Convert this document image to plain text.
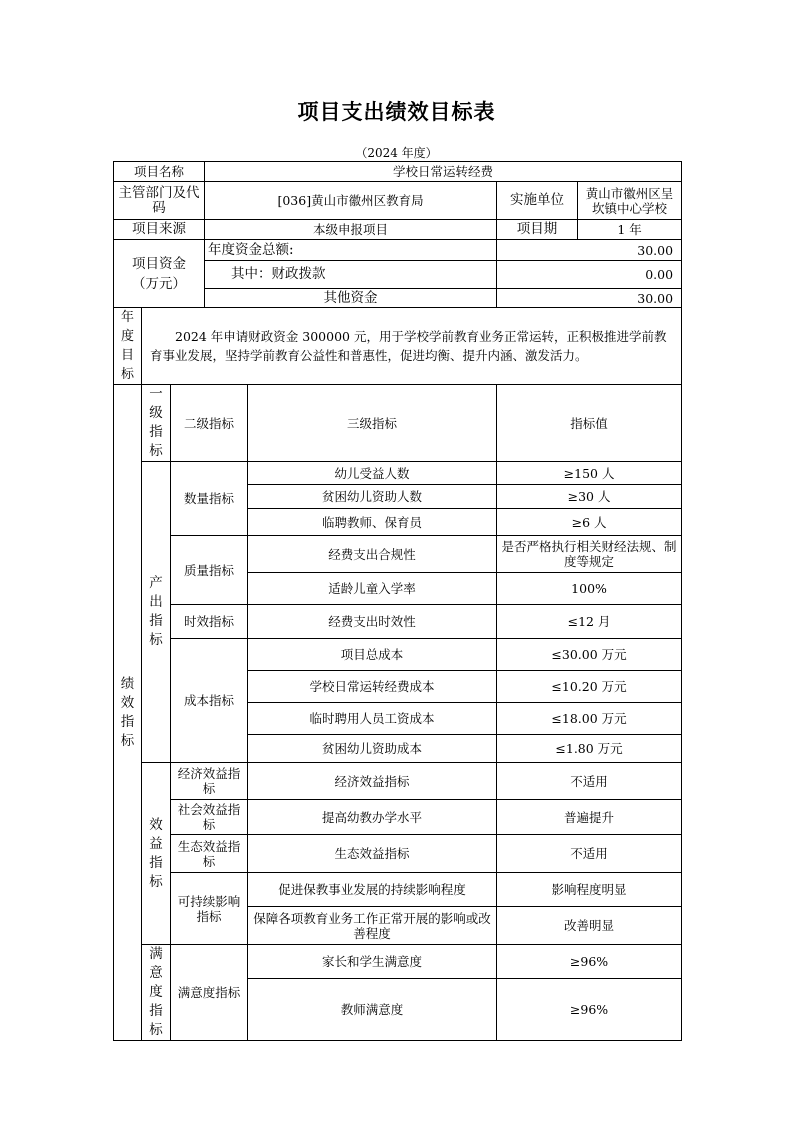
项目支出绩效目标表
（2024 年度）
项目名称			学校日常运转经费			
主管部门及代码			[036]黄山市徽州区教育局		实施单位	黄山市徽州区呈坎镇中心学校
项目来源			本级申报项目		项目期	1 年
项目资金（万元）			年度资金总额:		30.00	
			其中：财政拨款		0.00	
			其他资金		30.00	

年
度
目
标	2024 年申请财政资金 300000 元，用于学校学前教育业务正常运转，正积极推进学前教育事业发展，坚持学前教育公益性和普惠性，促进均衡、提升内涵、激发活力。					

绩
效
指
标	一
级
指
标	二级指标		三级指标	指标值	

	产
出
指
标	数量指标		幼儿受益人数	≥150 人	
				贫困幼儿资助人数	≥30 人	
				临聘教师、保育员	≥6 人	
		质量指标		经费支出合规性	是否严格执行相关财经法规、制度等规定	
				适龄儿童入学率	100%	
		时效指标		经费支出时效性	≤12 月	
		成本指标		项目总成本	≤30.00 万元	
				学校日常运转经费成本	≤10.20 万元	
				临时聘用人员工资成本	≤18.00 万元	
				贫困幼儿资助成本	≤1.80 万元	

	效
益
指
标	经济效益指标		经济效益指标	不适用	
		社会效益指标		提高幼教办学水平	普遍提升	
		生态效益指标		生态效益指标	不适用	
		可持续影响指标		促进保教事业发展的持续影响程度	影响程度明显	
				保障各项教育业务工作正常开展的影响或改善程度	改善明显	

	满
意
度
指
标	满意度指标		家长和学生满意度	≥96%	
				教师满意度	≥96%	
